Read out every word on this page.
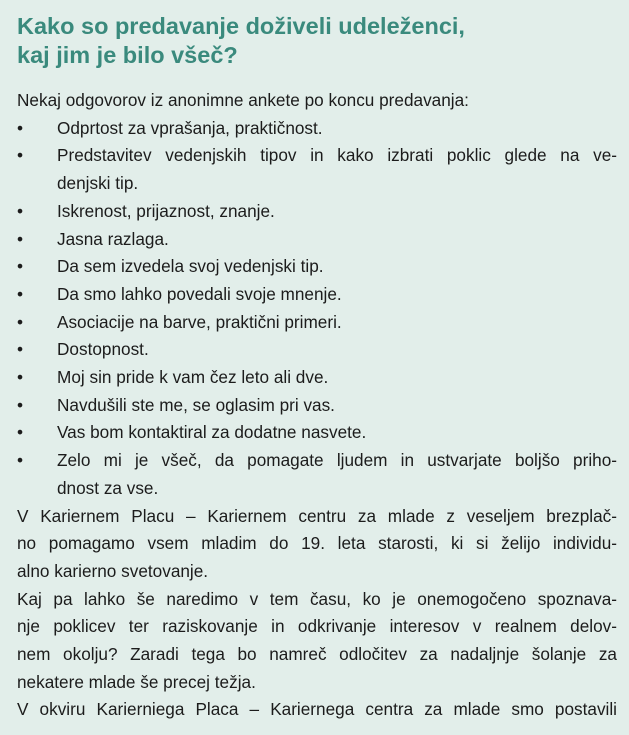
Kako so predavanje doživeli udeleženci,
kaj jim je bilo všeč?

Nekaj odgovorov iz anonimne ankete po koncu predavanja:

• Odprtost za vprašanja, praktičnost.
• Predstavitev vedenjskih tipov in kako izbrati poklic glede na ve-
denjski tip.
• Iskrenost, prijaznost, znanje.
• Jasna razlaga.
• Da sem izvedela svoj vedenjski tip.
• Da smo lahko povedali svoje mnenje.
• Asociacije na barve, praktični primeri.
• Dostopnost.
• Moj sin pride k vam čez leto ali dve.
• Navdušili ste me, se oglasim pri vas.
• Vas bom kontaktiral za dodatne nasvete.
• Zelo mi je všeč, da pomagate ljudem in ustvarjate boljšo priho-
dnost za vse.
V Kariernem Placu – Kariernem centru za mlade z veseljem brezplač-
no pomagamo vsem mladim do 19. leta starosti, ki si želijo individu-
alno karierno svetovanje.
Kaj pa lahko še naredimo v tem času, ko je onemogočeno spoznava-
nje poklicev ter raziskovanje in odkrivanje interesov v realnem delov-
nem okolju? Zaradi tega bo namreč odločitev za nadaljnje šolanje za
nekatere mlade še precej težja.
V okviru Karierniega Placa – Kariernega centra za mlade smo postavili
